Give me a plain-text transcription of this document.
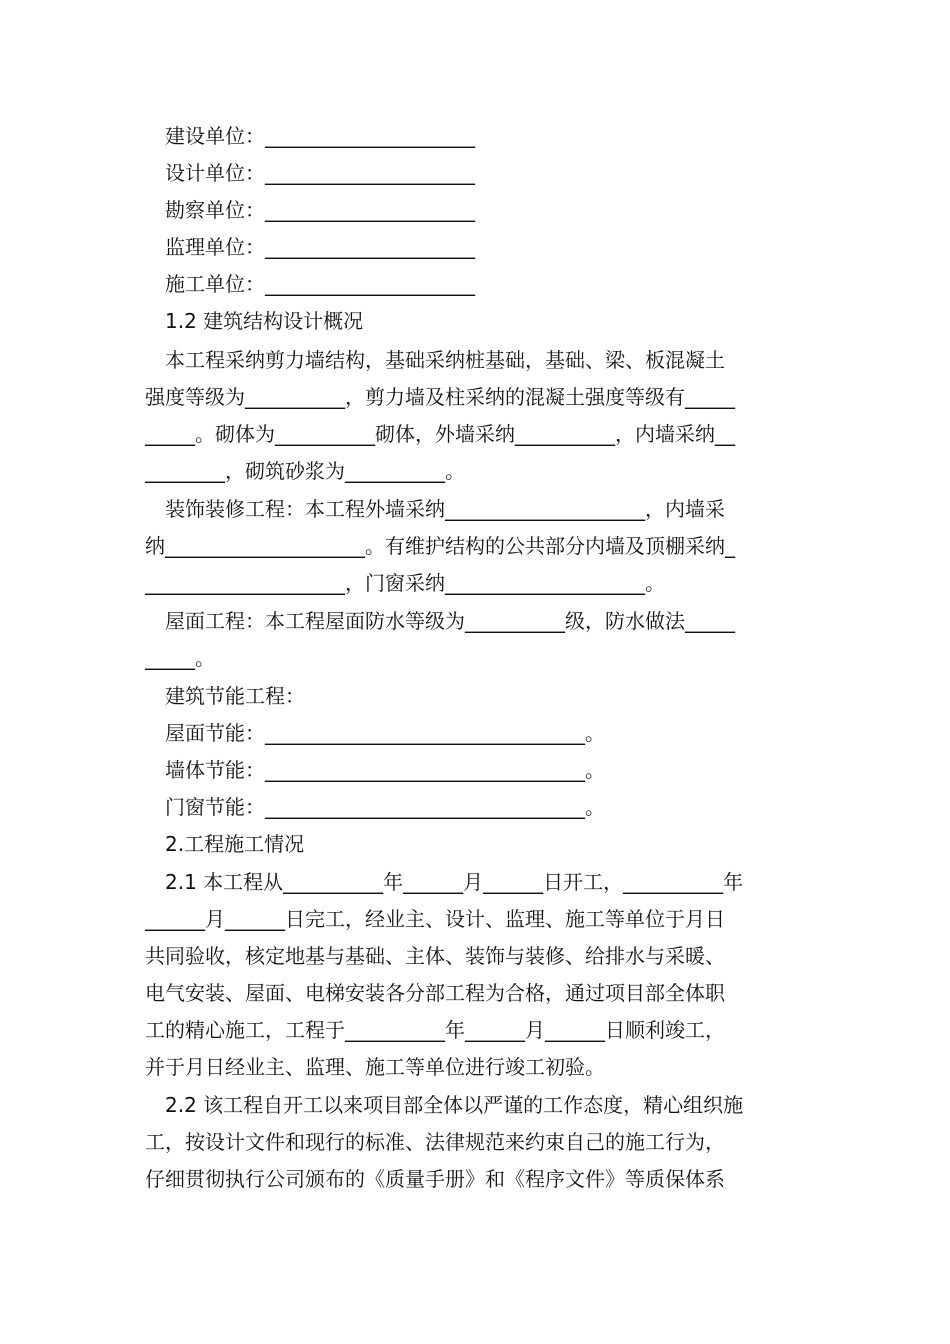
建设单位：_____________________
设计单位：_____________________
勘察单位：_____________________
监理单位：_____________________
施工单位：_____________________
1.2 建筑结构设计概况
本工程采纳剪力墙结构，基础采纳桩基础，基础、梁、板混凝土
强度等级为__________，剪力墙及柱采纳的混凝土强度等级有_____
_____。砌体为__________砌体，外墙采纳__________，内墙采纳__
________，砌筑砂浆为__________。
装饰装修工程：本工程外墙采纳____________________，内墙采
纳____________________。有维护结构的公共部分内墙及顶棚采纳_
____________________，门窗采纳____________________。
屋面工程：本工程屋面防水等级为__________级，防水做法_____
_____。
建筑节能工程：
屋面节能：________________________________。
墙体节能：________________________________。
门窗节能：________________________________。
2.工程施工情况
2.1 本工程从__________年______月______日开工，__________年
______月______日完工，经业主、设计、监理、施工等单位于月日
共同验收，核定地基与基础、主体、装饰与装修、给排水与采暖、
电气安装、屋面、电梯安装各分部工程为合格，通过项目部全体职
工的精心施工，工程于__________年______月______日顺利竣工，
并于月日经业主、监理、施工等单位进行竣工初验。
2.2 该工程自开工以来项目部全体以严谨的工作态度，精心组织施
工，按设计文件和现行的标准、法律规范来约束自己的施工行为，
仔细贯彻执行公司颁布的《质量手册》和《程序文件》等质保体系
